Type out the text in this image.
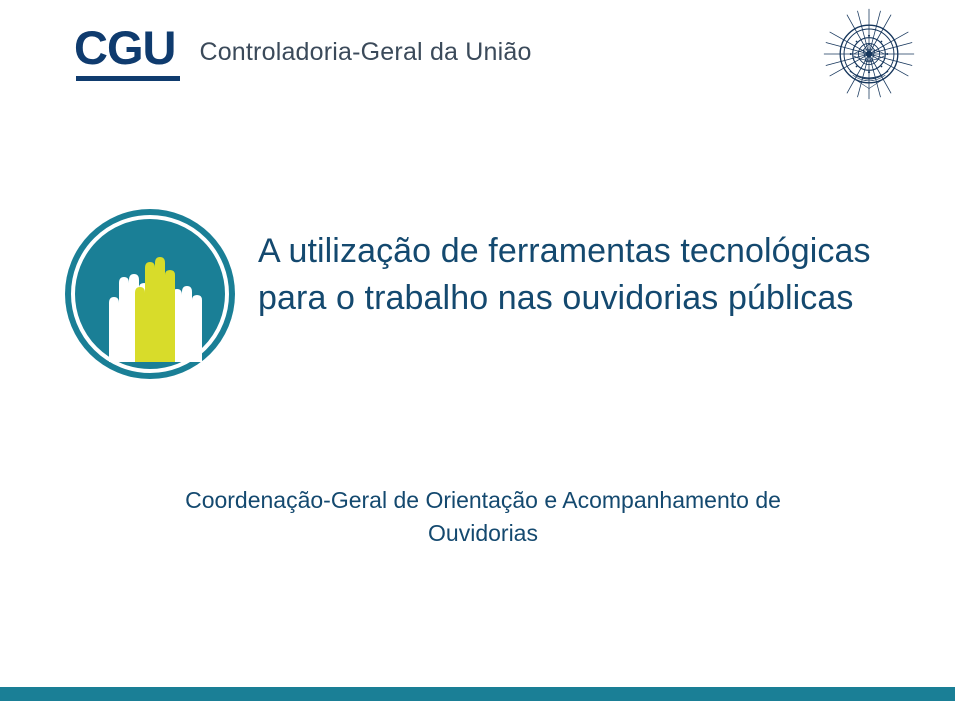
CGU Controladoria-Geral da União
A utilização de ferramentas tecnológicas para o trabalho nas ouvidorias públicas
Coordenação-Geral de Orientação e Acompanhamento de Ouvidorias
